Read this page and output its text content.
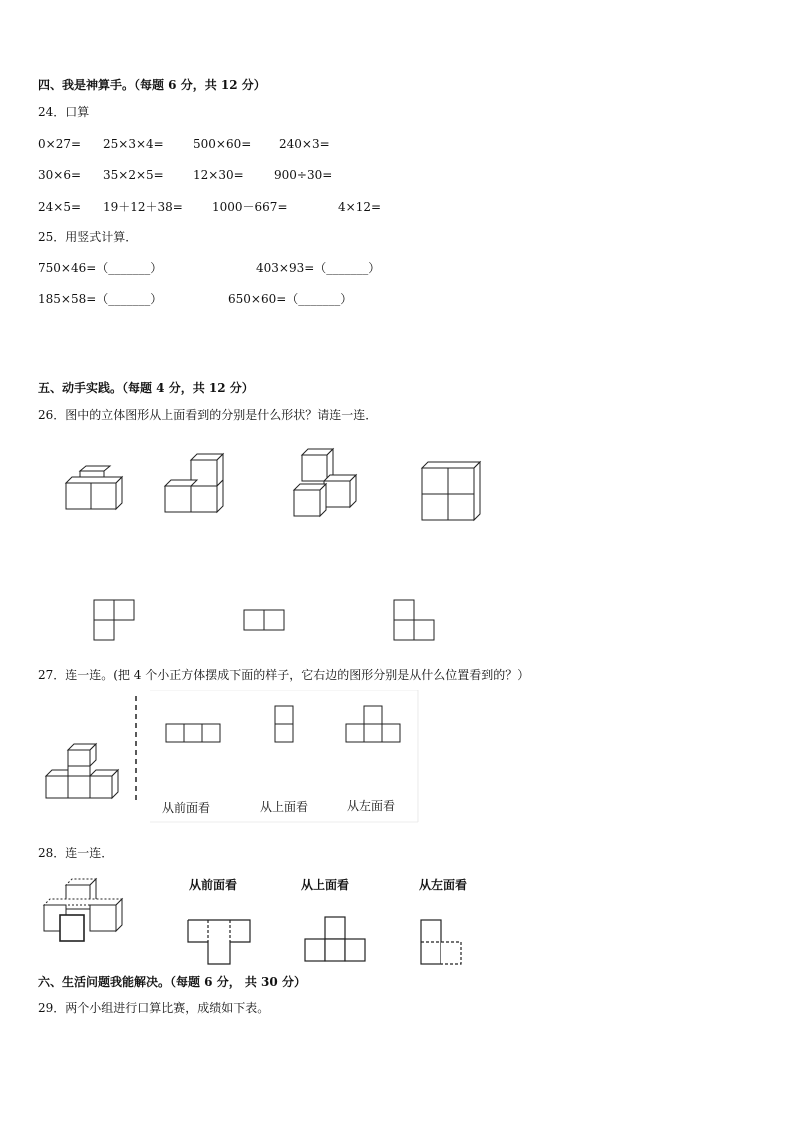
四、我是神算手。（每题 6 分，共 12 分）
24．口算
0×27= 25×3×4= 500×60= 240×3=
30×6= 35×2×5= 12×30=	900÷30=
24×5= 19＋12＋38= 1000－667=	4×12=
25．用竖式计算．
750×46=（_______）	403×93=（_______）
185×58=（_______）	650×60=（_______）
五、动手实践。（每题 4 分，共 12 分）
26．图中的立体图形从上面看到的分别是什么形状？请连一连．
27．连一连。(把 4 个小正方体摆成下面的样子，它右边的图形分别是从什么位置看到的？）
从前面看	从上面看	从左面看
28．连一连．
从前面看	从上面看	从左面看
六、生活问题我能解决。（每题 6 分， 共 30 分）
29．两个小组进行口算比赛，成绩如下表。
